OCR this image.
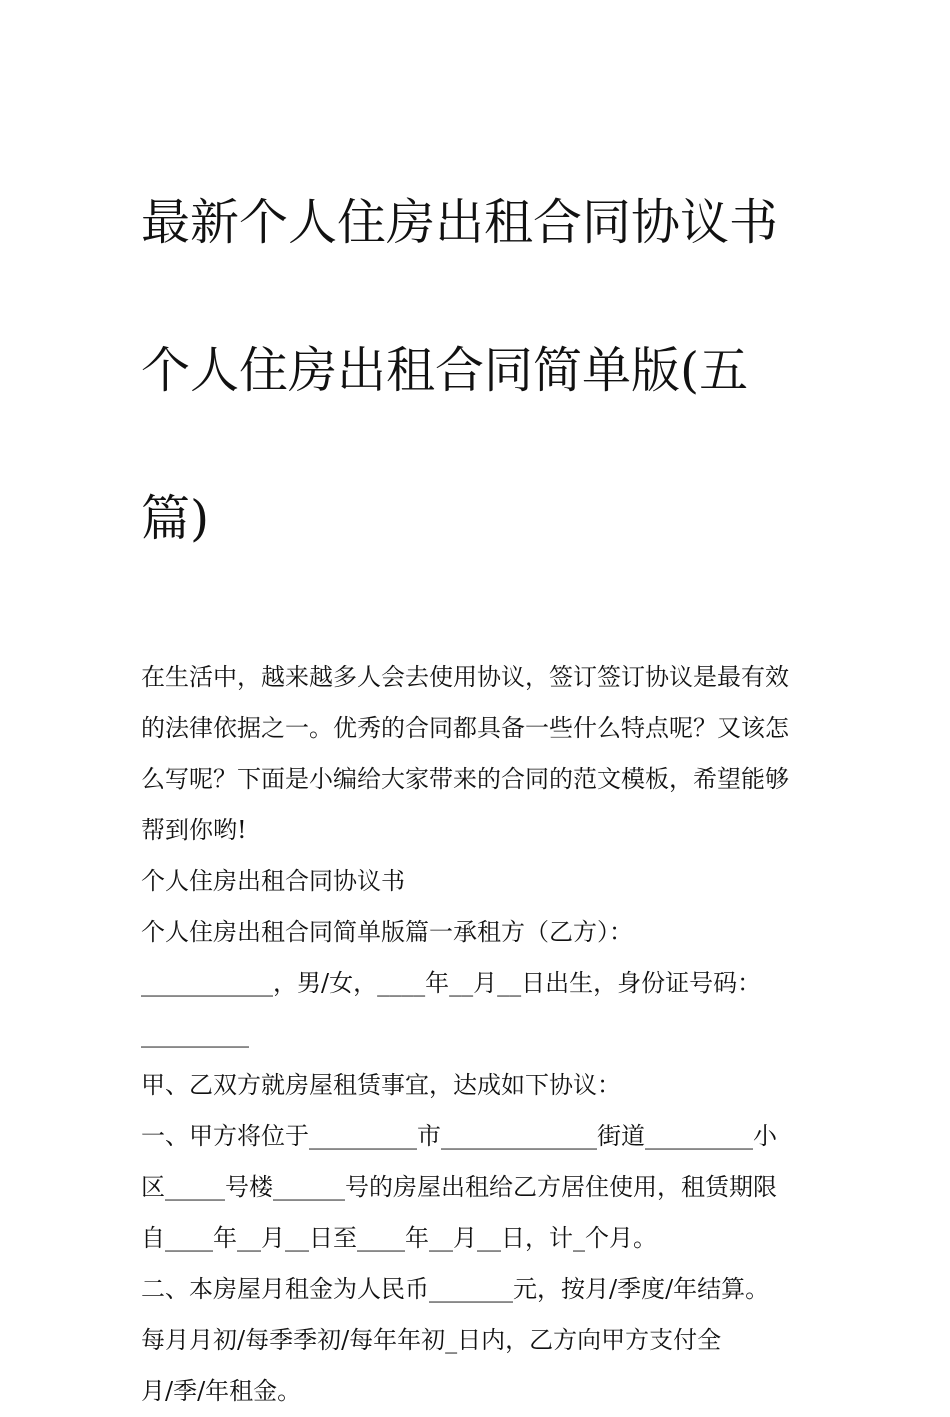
最新个人住房出租合同协议书

个人住房出租合同简单版(五

篇)

在生活中，越来越多人会去使用协议，签订签订协议是最有效

的法律依据之一。优秀的合同都具备一些什么特点呢？又该怎

么写呢？下面是小编给大家带来的合同的范文模板，希望能够

帮到你哟!

个人住房出租合同协议书

个人住房出租合同简单版篇一承租方（乙方）：

___________，男/女，____年__月__日出生，身份证号码：

_________

甲、乙双方就房屋租赁事宜，达成如下协议：

一、甲方将位于_________市_____________街道_________小

区_____号楼______号的房屋出租给乙方居住使用，租赁期限

自____年__月__日至____年__月__日，计_个月。

二、本房屋月租金为人民币_______元，按月/季度/年结算。

每月月初/每季季初/每年年初_日内，乙方向甲方支付全

月/季/年租金。
